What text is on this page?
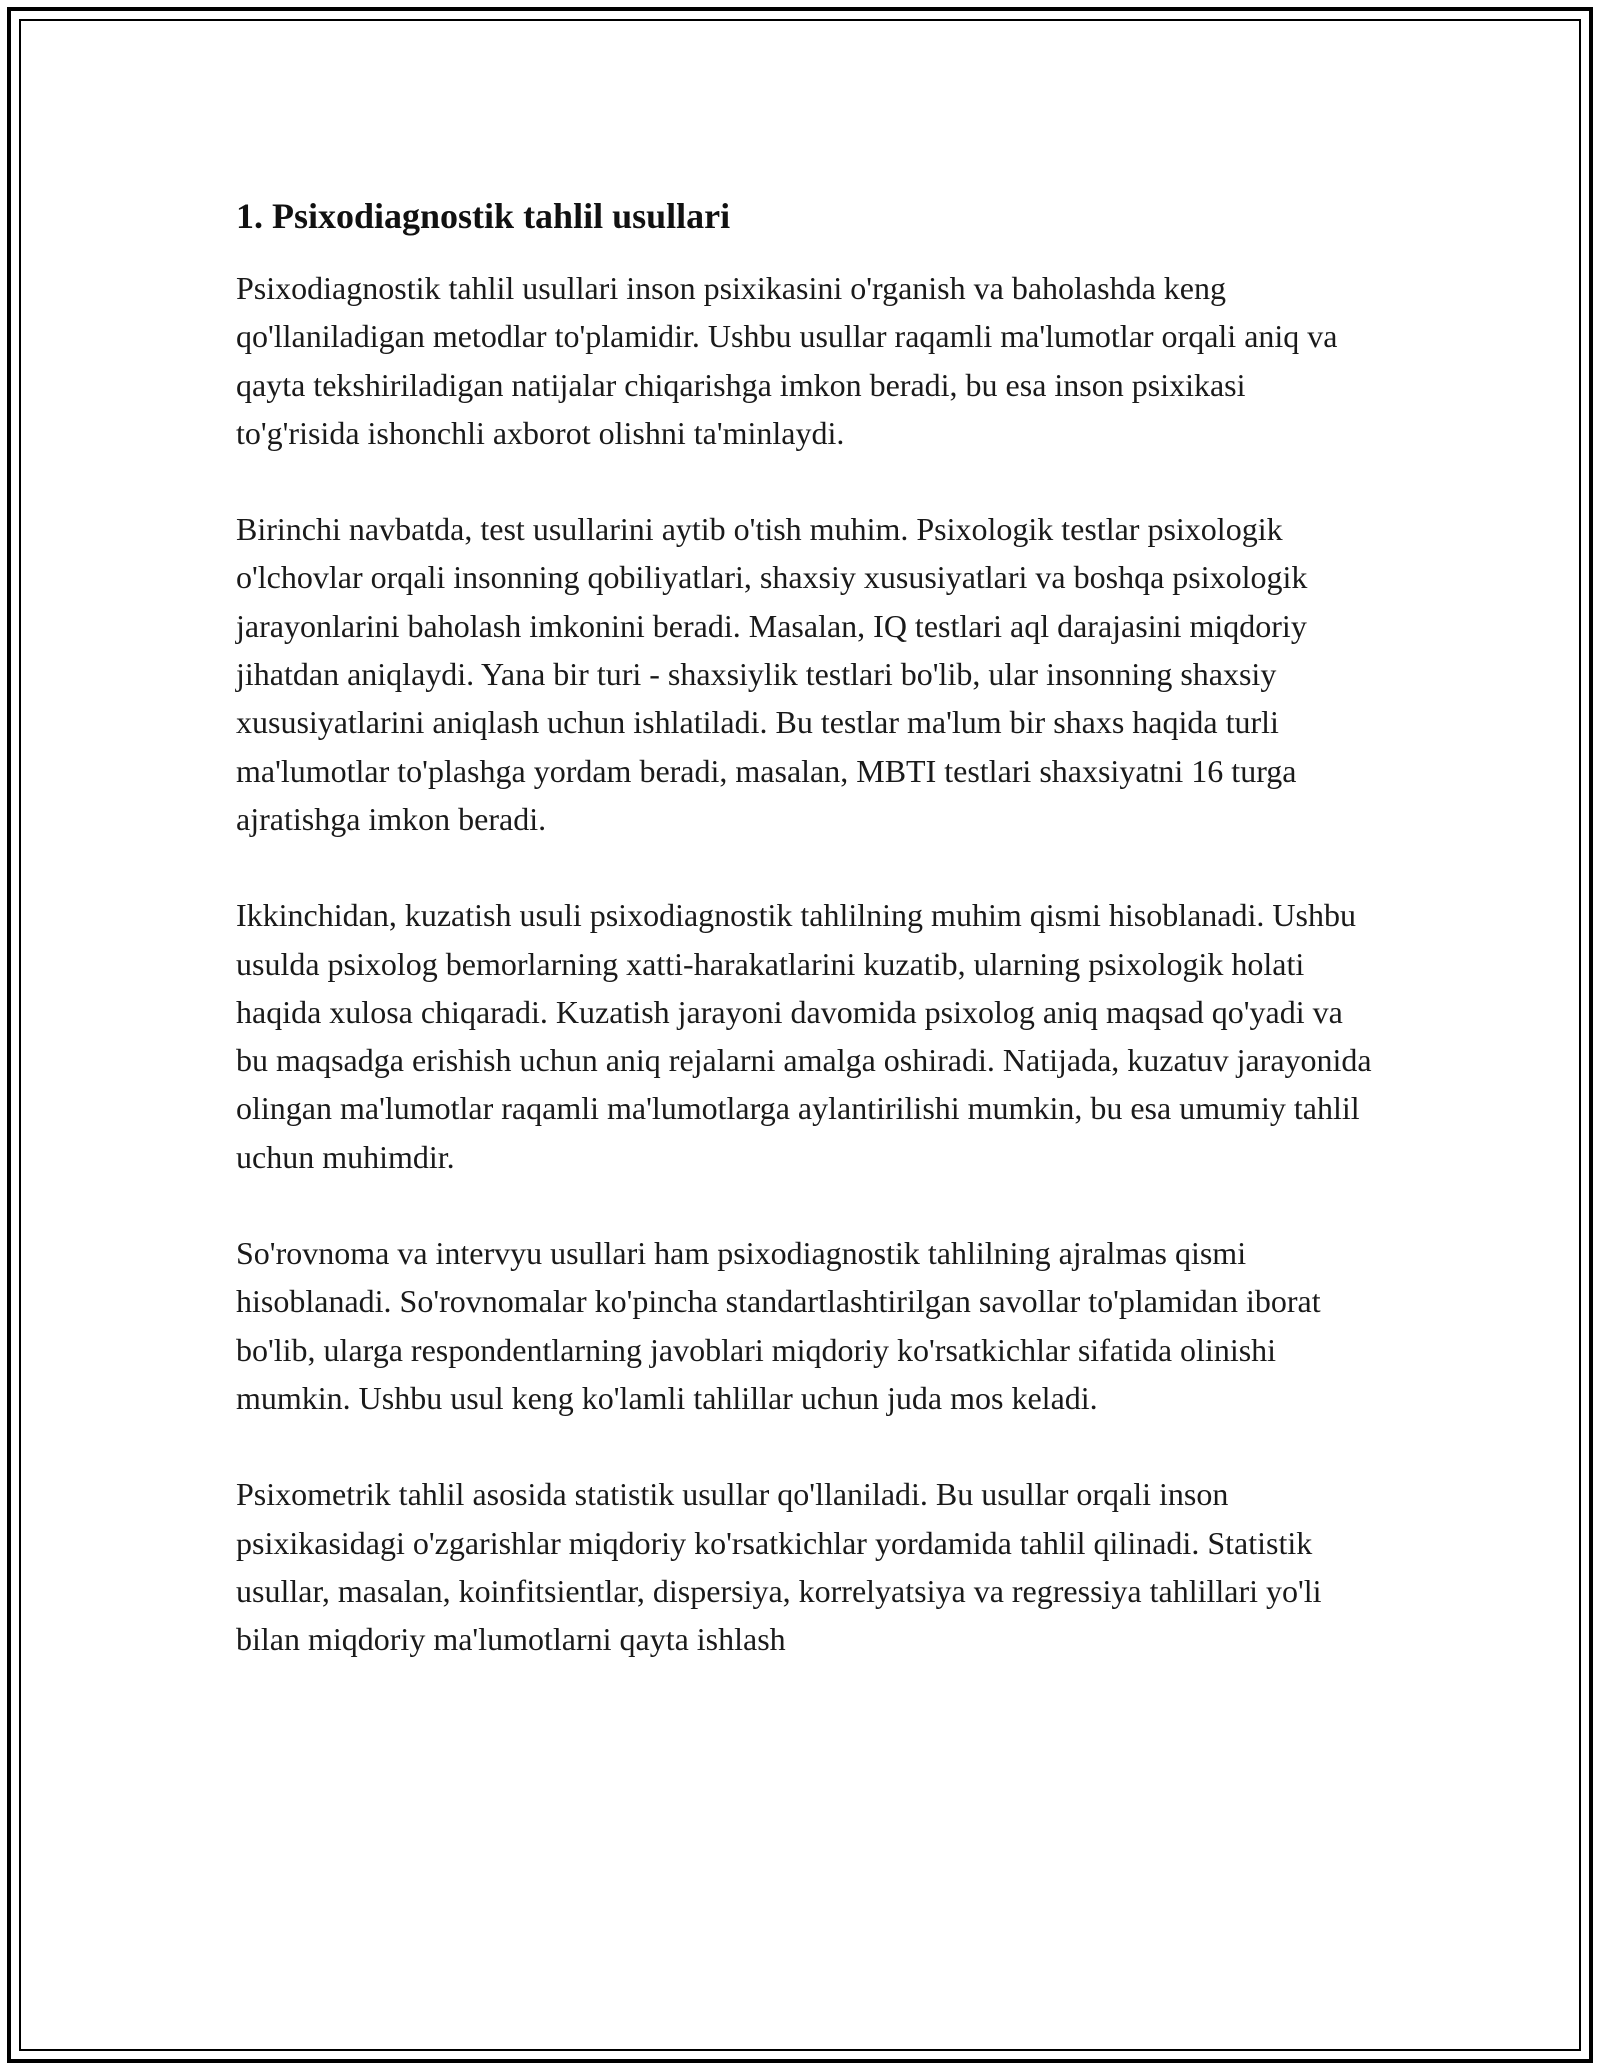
1. Psixodiagnostik tahlil usullari

Psixodiagnostik tahlil usullari inson psixikasini o'rganish va baholashda keng qo'llaniladigan metodlar to'plamidir. Ushbu usullar raqamli ma'lumotlar orqali aniq va qayta tekshiriladigan natijalar chiqarishga imkon beradi, bu esa inson psixikasi to'g'risida ishonchli axborot olishni ta'minlaydi.

Birinchi navbatda, test usullarini aytib o'tish muhim. Psixologik testlar psixologik o'lchovlar orqali insonning qobiliyatlari, shaxsiy xususiyatlari va boshqa psixologik jarayonlarini baholash imkonini beradi. Masalan, IQ testlari aql darajasini miqdoriy jihatdan aniqlaydi. Yana bir turi - shaxsiylik testlari bo'lib, ular insonning shaxsiy xususiyatlarini aniqlash uchun ishlatiladi. Bu testlar ma'lum bir shaxs haqida turli ma'lumotlar to'plashga yordam beradi, masalan, MBTI testlari shaxsiyatni 16 turga ajratishga imkon beradi.

Ikkinchidan, kuzatish usuli psixodiagnostik tahlilning muhim qismi hisoblanadi. Ushbu usulda psixolog bemorlarning xatti-harakatlarini kuzatib, ularning psixologik holati haqida xulosa chiqaradi. Kuzatish jarayoni davomida psixolog aniq maqsad qo'yadi va bu maqsadga erishish uchun aniq rejalarni amalga oshiradi. Natijada, kuzatuv jarayonida olingan ma'lumotlar raqamli ma'lumotlarga aylantirilishi mumkin, bu esa umumiy tahlil uchun muhimdir.

So'rovnoma va intervyu usullari ham psixodiagnostik tahlilning ajralmas qismi hisoblanadi. So'rovnomalar ko'pincha standartlashtirilgan savollar to'plamidan iborat bo'lib, ularga respondentlarning javoblari miqdoriy ko'rsatkichlar sifatida olinishi mumkin. Ushbu usul keng ko'lamli tahlillar uchun juda mos keladi.

Psixometrik tahlil asosida statistik usullar qo'llaniladi. Bu usullar orqali inson psixikasidagi o'zgarishlar miqdoriy ko'rsatkichlar yordamida tahlil qilinadi. Statistik usullar, masalan, koinfitsientlar, dispersiya, korrelyatsiya va regressiya tahlillari yo'li bilan miqdoriy ma'lumotlarni qayta ishlash
